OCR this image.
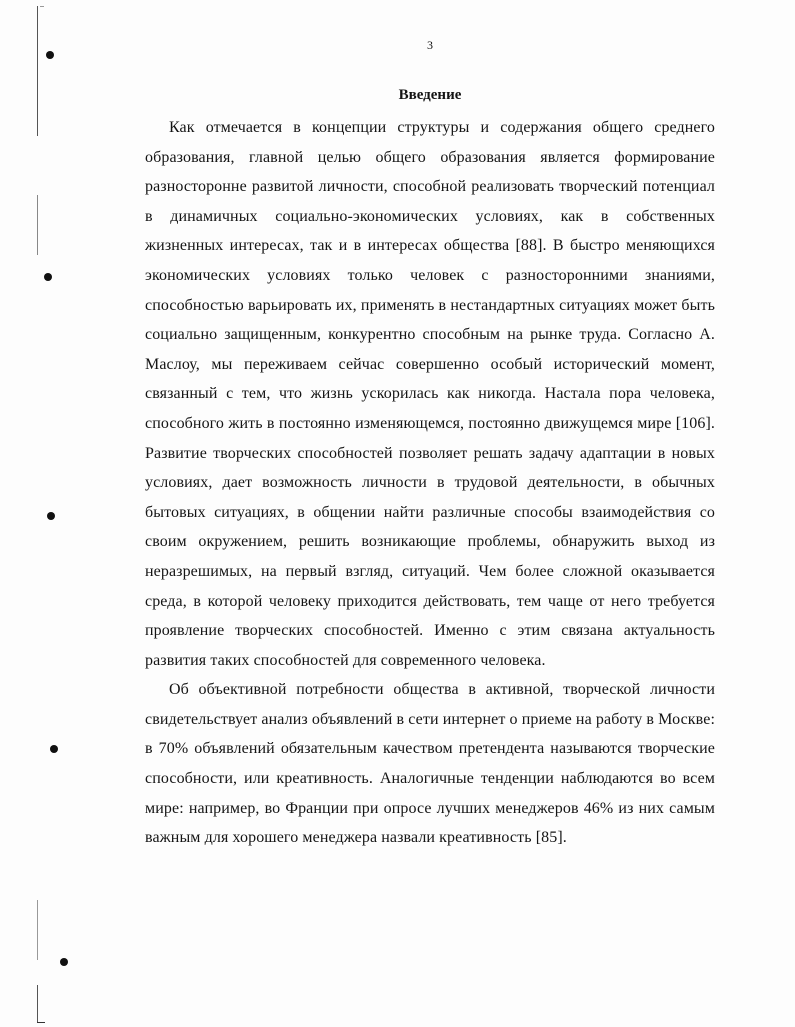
3
Введение

Как отмечается в концепции структуры и содержания общего среднего образования, главной целью общего образования является формирование разносторонне развитой личности, способной реализовать творческий потенциал в динамичных социально-экономических условиях, как в собственных жизненных интересах, так и в интересах общества [88]. В быстро меняющихся экономических условиях только человек с разносторонними знаниями, способностью варьировать их, применять в нестандартных ситуациях может быть социально защищенным, конкурентно способным на рынке труда. Согласно А. Маслоу, мы переживаем сейчас совершенно особый исторический момент, связанный с тем, что жизнь ускорилась как никогда. Настала пора человека, способного жить в постоянно изменяющемся, постоянно движущемся мире [106]. Развитие творческих способностей позволяет решать задачу адаптации в новых условиях, дает возможность личности в трудовой деятельности, в обычных бытовых ситуациях, в общении найти различные способы взаимодействия со своим окружением, решить возникающие проблемы, обнаружить выход из неразрешимых, на первый взгляд, ситуаций. Чем более сложной оказывается среда, в которой человеку приходится действовать, тем чаще от него требуется проявление творческих способностей. Именно с этим связана актуальность развития таких способностей для современного человека.

Об объективной потребности общества в активной, творческой личности свидетельствует анализ объявлений в сети интернет о приеме на работу в Москве: в 70% объявлений обязательным качеством претендента называются творческие способности, или креативность. Аналогичные тенденции наблюдаются во всем мире: например, во Франции при опросе лучших менеджеров 46% из них самым важным для хорошего менеджера назвали креативность [85].
